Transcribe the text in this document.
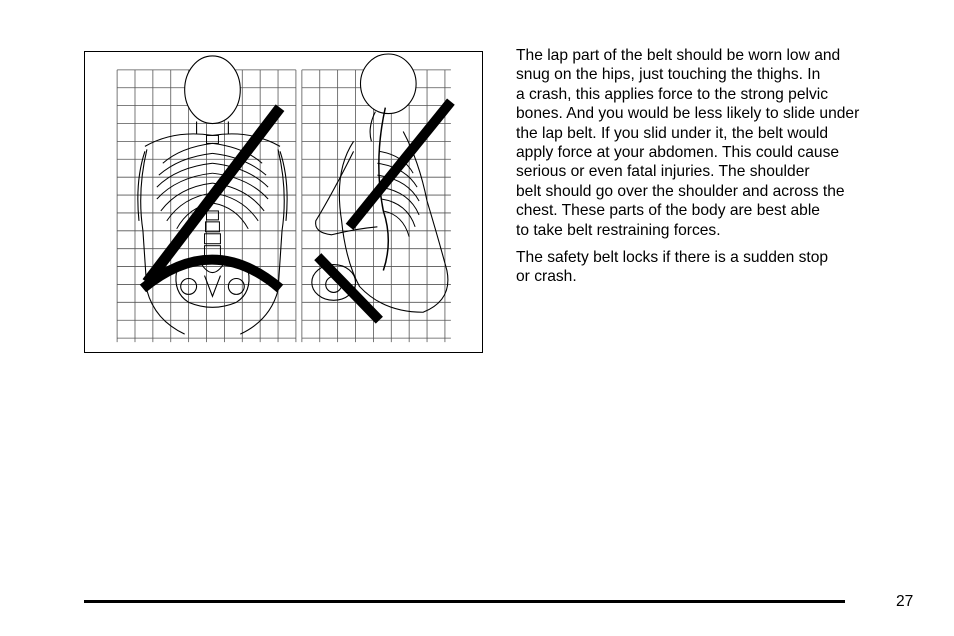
The lap part of the belt should be worn low and
snug on the hips, just touching the thighs. In
a crash, this applies force to the strong pelvic
bones. And you would be less likely to slide under
the lap belt. If you slid under it, the belt would
apply force at your abdomen. This could cause
serious or even fatal injuries. The shoulder
belt should go over the shoulder and across the
chest. These parts of the body are best able
to take belt restraining forces.

The safety belt locks if there is a sudden stop
or crash.

27
